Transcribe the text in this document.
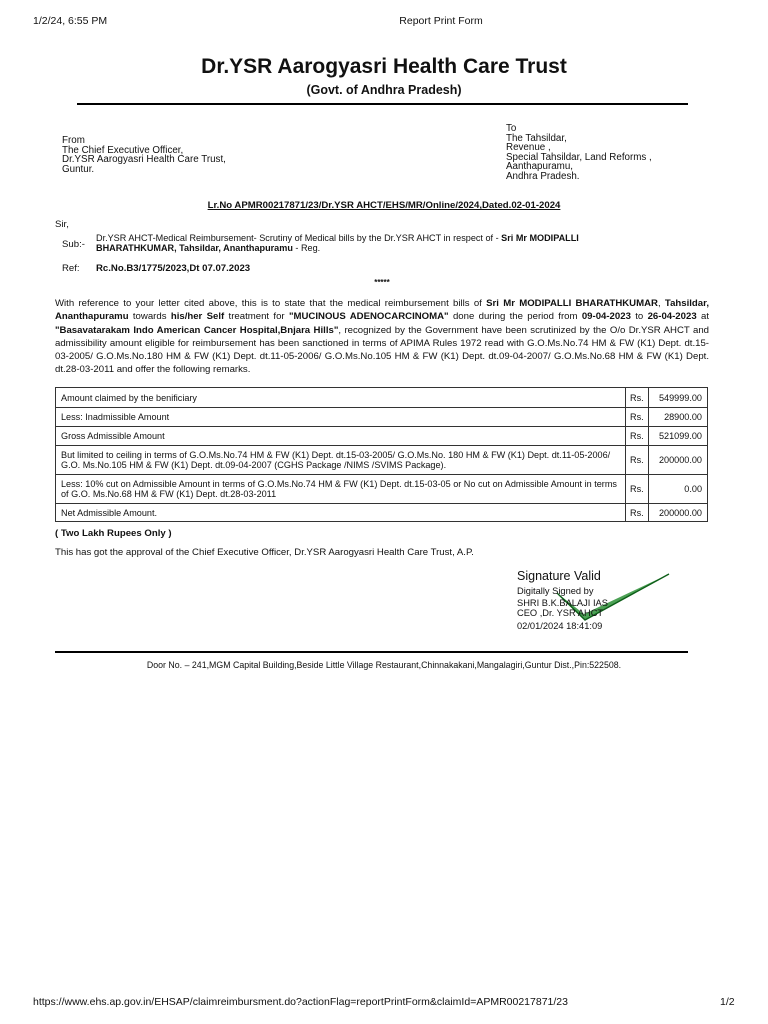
1/2/24, 6:55 PM	Report Print Form
Dr.YSR Aarogyasri Health Care Trust
(Govt. of Andhra Pradesh)
From
The Chief Executive Officer,
Dr.YSR Aarogyasri Health Care Trust,
Guntur.
To
The Tahsildar,
Revenue ,
Special Tahsildar, Land Reforms ,
Aanthapuramu,
Andhra Pradesh.
Lr.No APMR00217871/23/Dr.YSR AHCT/EHS/MR/Online/2024,Dated.02-01-2024
Sir,
Sub:-
Dr.YSR AHCT-Medical Reimbursement- Scrutiny of Medical bills by the Dr.YSR AHCT in respect of - Sri Mr MODIPALLI
BHARATHKUMAR, Tahsildar, Ananthapuramu - Reg.
Ref: Rc.No.B3/1775/2023,Dt 07.07.2023
*****
With reference to your letter cited above, this is to state that the medical reimbursement bills of Sri Mr MODIPALLI BHARATHKUMAR, Tahsildar, Ananthapuramu towards his/her Self treatment for "MUCINOUS ADENOCARCINOMA" done during the period from 09-04-2023 to 26-04-2023 at "Basavatarakam Indo American Cancer Hospital,Bnjara Hills", recognized by the Government have been scrutinized by the O/o Dr.YSR AHCT and admissibility amount eligible for reimbursement has been sanctioned in terms of APIMA Rules 1972 read with G.O.Ms.No.74 HM & FW (K1) Dept. dt.15-03-2005/ G.O.Ms.No.180 HM & FW (K1) Dept. dt.11-05-2006/ G.O.Ms.No.105 HM & FW (K1) Dept. dt.09-04-2007/ G.O.Ms.No.68 HM & FW (K1) Dept. dt.28-03-2011 and offer the following remarks.
Amount claimed by the benificiary	Rs.	549999.00
Less: Inadmissible Amount	Rs.	28900.00
Gross Admissible Amount	Rs.	521099.00
But limited to ceiling in terms of G.O.Ms.No.74 HM & FW (K1) Dept. dt.15-03-2005/ G.O.Ms.No. 180 HM & FW (K1) Dept. dt.11-05-2006/ G.O. Ms.No.105 HM & FW (K1) Dept. dt.09-04-2007 (CGHS Package /NIMS /SVIMS Package).	Rs.	200000.00
Less: 10% cut on Admissible Amount in terms of G.O.Ms.No.74 HM & FW (K1) Dept. dt.15-03-05 or No cut on Admissible Amount in terms of G.O. Ms.No.68 HM & FW (K1) Dept. dt.28-03-2011	Rs.	0.00
Net Admissible Amount.	Rs.	200000.00
( Two Lakh Rupees Only )
This has got the approval of the Chief Executive Officer, Dr.YSR Aarogyasri Health Care Trust, A.P.
Signature Valid
Digitally Signed by
SHRI B.K.BALAJI IAS
CEO ,Dr. YSR AHCT
02/01/2024 18:41:09
Door No. – 241,MGM Capital Building,Beside Little Village Restaurant,Chinnakakani,Mangalagiri,Guntur Dist.,Pin:522508.
https://www.ehs.ap.gov.in/EHSAP/claimreimbursment.do?actionFlag=reportPrintForm&claimId=APMR00217871/23	1/2
